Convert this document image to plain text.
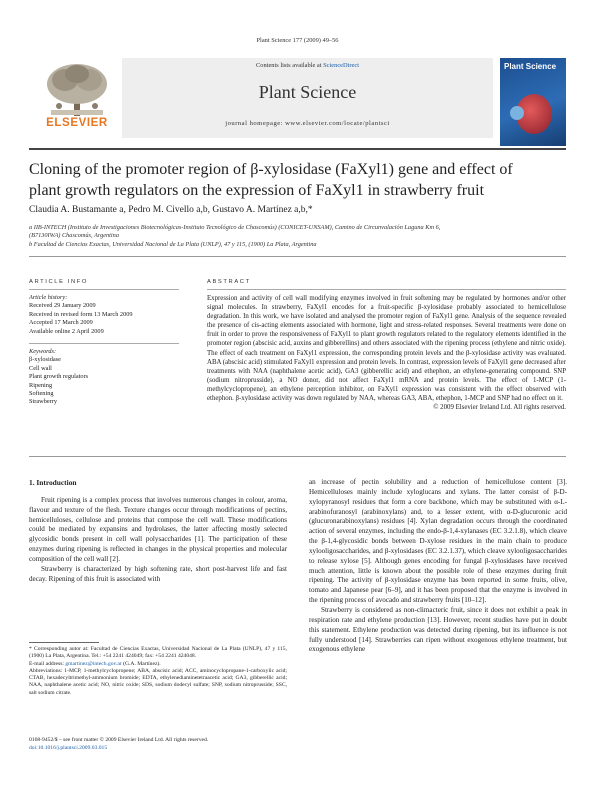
Plant Science 177 (2009) 49–56
ELSEVIER
Contents lists available at ScienceDirect
Plant Science
journal homepage: www.elsevier.com/locate/plantsci
Plant Science
Cloning of the promoter region of β-xylosidase (FaXyl1) gene and effect of
plant growth regulators on the expression of FaXyl1 in strawberry fruit
Claudia A. Bustamante a, Pedro M. Civello a,b, Gustavo A. Martínez a,b,*
a IIB-INTECH (Instituto de Investigaciones Biotecnológicas-Instituto Tecnológico de Chascomús) (CONICET-UNSAM), Camino de Circunvalación Laguna Km 6,
(B7130IWA) Chascomús, Argentina
b Facultad de Ciencias Exactas, Universidad Nacional de La Plata (UNLP), 47 y 115, (1900) La Plata, Argentina
ARTICLE INFO
Article history:
Received 29 January 2009
Received in revised form 13 March 2009
Accepted 17 March 2009
Available online 2 April 2009
Keywords:
β-xylosidase
Cell wall
Plant growth regulators
Ripening
Softening
Strawberry
ABSTRACT

Expression and activity of cell wall modifying enzymes involved in fruit softening may be regulated by hormones and/or other signal molecules. In strawberry, FaXyl1 encodes for a fruit-specific β-xylosidase probably associated to hemicellulose degradation. In this work, we have isolated and analysed the promoter region of FaXyl1 gene. Analysis of the sequence revealed the presence of cis-acting elements associated with hormone, light and stress-related responses. Several treatments were done on fruit in order to prove the responsiveness of FaXyl1 to plant growth regulators related to the regulatory elements identified in the promoter region (abscisic acid, auxins and gibberellins) and others associated with the ripening process (ethylene and nitric oxide). The effect of each treatment on FaXyl1 expression, the corresponding protein levels and the β-xylosidase activity was evaluated. ABA (abscisic acid) stimulated FaXyl1 expression and protein levels. In contrast, expression levels of FaXyl1 gene decreased after treatments with NAA (naphthalene acetic acid), GA3 (gibberellic acid) and ethephon, an ethylene-generating compound. SNP (sodium nitroprusside), a NO donor, did not affect FaXyl1 mRNA and protein levels. The effect of 1-MCP (1-methylcyclopropene), an ethylene perception inhibitor, on FaXyl1 expression was consistent with the effect observed with ethephon. β-xylosidase activity was down regulated by NAA, whereas GA3, ABA, ethephon, 1-MCP and SNP had no effect on it.

© 2009 Elsevier Ireland Ltd. All rights reserved.

1. Introduction

Fruit ripening is a complex process that involves numerous changes in colour, aroma, flavour and texture of the flesh. Texture changes occur through modifications of pectins, hemicelluloses, cellulose and proteins that compose the cell wall. These modifications could be mediated by expansins and hydrolases, the latter affecting mostly selected glycosidic bonds present in cell wall polysaccharides [1]. The participation of these enzymes during ripening is reflected in changes in the physical properties and molecular composition of the cell wall [2].

Strawberry is characterized by high softening rate, short post-harvest life and fast decay. Ripening of this fruit is associated with

an increase of pectin solubility and a reduction of hemicellulose content [3]. Hemicelluloses mainly include xyloglucans and xylans. The latter consist of β-D-xylopyranosyl residues that form a core backbone, which may be substituted with α-L-arabinofuranosyl (arabinoxylans) and, to a lesser extent, with α-D-glucuronic acid (glucuronarabinoxylans) residues [4]. Xylan degradation occurs through the coordinated action of several enzymes, including the endo-β-1,4-xylanases (EC 3.2.1.8), which cleave the β-1,4-glycosidic bonds between D-xylose residues in the main chain to produce xylooligosaccharides, and β-xylosidases (EC 3.2.1.37), which cleave xylooligosaccharides to release xylose [5]. Although genes encoding for fungal β-xylosidases have received much attention, little is known about the possible role of these enzymes during fruit ripening. The activity of β-xylosidase enzyme has been reported in some fruits, olive, tomato and Japanese pear [6–9], and it has been proposed that the enzyme is involved in the ripening process of avocado and strawberry fruits [10–12].

Strawberry is considered as non-climacteric fruit, since it does not exhibit a peak in respiration rate and ethylene production [13]. However, recent studies have put in doubt this statement. Ethylene production was detected during ripening, but its influence is not fully understood [14]. Strawberries can ripen without exogenous ethylene treatment, but exogenous ethylene

* Corresponding autor at: Facultad de Ciencias Exactas, Universidad Nacional de La Plata (UNLP), 47 y 115, (1900) La Plata, Argentina. Tel.: +54 2241 424049; fax: +54 2241 424048.

E-mail address: gmartinez@intech.gov.ar (G.A. Martínez).

Abbreviations: 1-MCP, 1-methylcyclopropene; ABA, abscisic acid; ACC, aminocyclopropane-1-carboxylic acid; CTAB, hexadecyltrimethyl-ammonium bromide; EDTA, ethylenediaminetetraacetic acid; GA3, gibberellic acid; NAA, naphthalene acetic acid; NO, nitric oxide; SDS, sodium dodecyl sulfate; SNP, sodium nitroprusside; SSC, salt sodium citrate.

0168-9452/$ – see front matter © 2009 Elsevier Ireland Ltd. All rights reserved.
doi:10.1016/j.plantsci.2009.03.015
